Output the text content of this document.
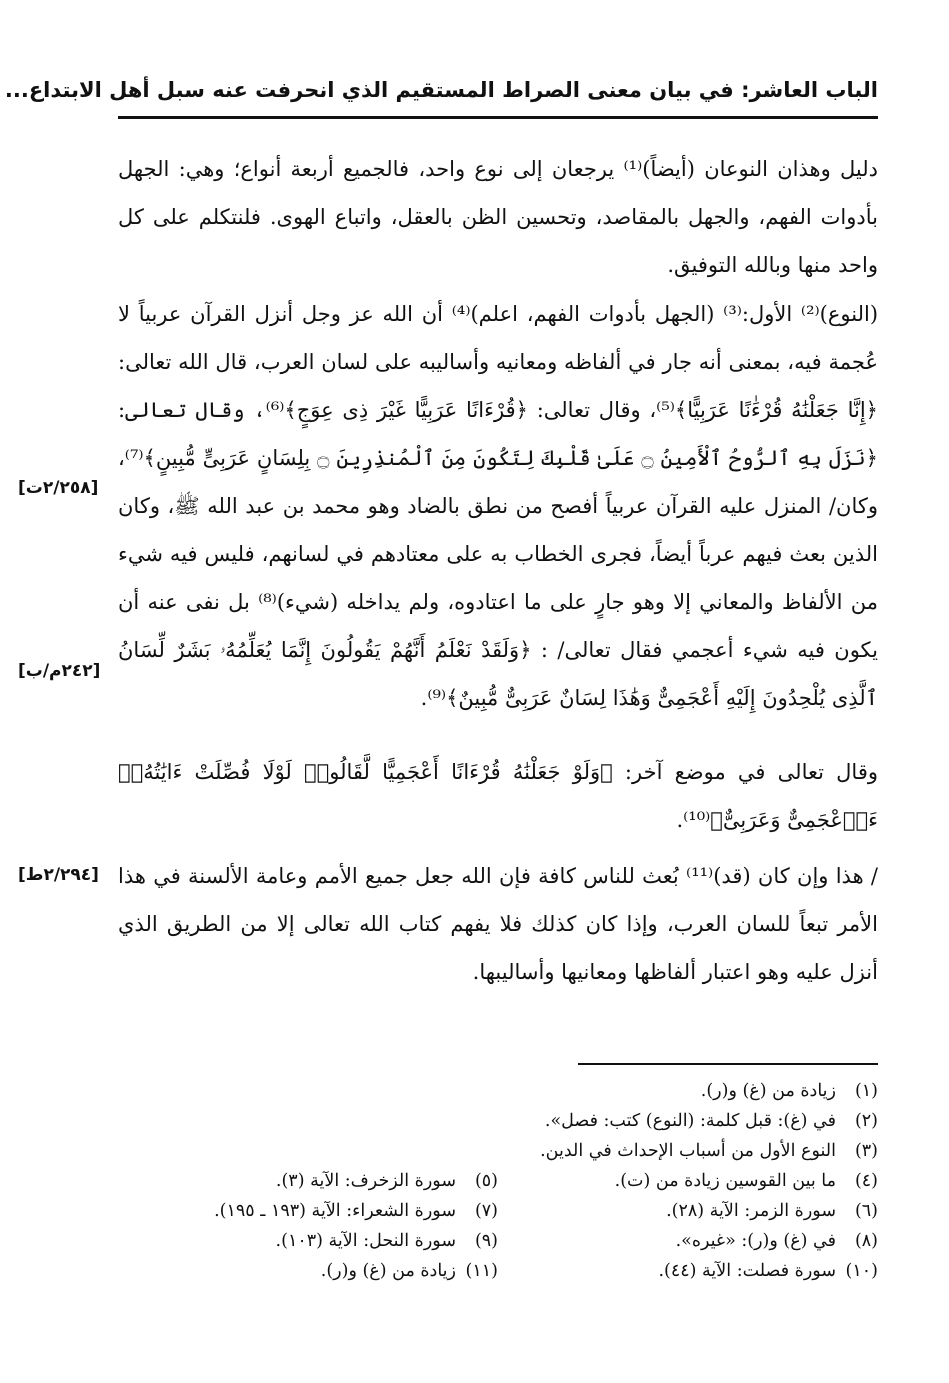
الباب العاشر: في بيان معنى الصراط المستقيم الذي انحرفت عنه سبل أهل الابتداع...

دليل وهذان النوعان (أيضاً)⁽¹⁾ يرجعان إلى نوع واحد، فالجميع أربعة أنواع؛ وهي: الجهل بأدوات الفهم، والجهل بالمقاصد، وتحسين الظن بالعقل، واتباع الهوى. فلنتكلم على كل واحد منها وبالله التوفيق.

(النوع)⁽²⁾ الأول:⁽³⁾ (الجهل بأدوات الفهم، اعلم)⁽⁴⁾ أن الله عز وجل أنزل القرآن عربياً لا عُجمة فيه، بمعنى أنه جار في ألفاظه ومعانيه وأساليبه على لسان العرب، قال الله تعالى: ﴿إِنَّا جَعَلْنَٰهُ قُرْءَٰنًا عَرَبِيًّا﴾⁽⁵⁾، وقال تعالى: ﴿قُرْءَانًا عَرَبِيًّا غَيْرَ ذِى عِوَجٍ﴾⁽⁶⁾، وقال تعالى: ﴿نَزَلَ بِهِ ٱلرُّوحُ ٱلْأَمِينُ ۝ عَلَىٰ قَلْبِكَ لِتَكُونَ مِنَ ٱلْمُنذِرِينَ ۝ بِلِسَانٍ عَرَبِىٍّ مُّبِينٍ﴾⁽⁷⁾، وكان/ المنزل عليه القرآن عربياً أفصح من نطق بالضاد وهو محمد بن عبد الله ﷺ، وكان الذين بعث فيهم عرباً أيضاً، فجرى الخطاب به على معتادهم في لسانهم، فليس فيه شيء من الألفاظ والمعاني إلا وهو جارٍ على ما اعتادوه، ولم يداخله (شيء)⁽⁸⁾ بل نفى عنه أن يكون فيه شيء أعجمي فقال تعالى/ : ﴿وَلَقَدْ نَعْلَمُ أَنَّهُمْ يَقُولُونَ إِنَّمَا يُعَلِّمُهُۥ بَشَرٌ لِّسَانُ ٱلَّذِى يُلْحِدُونَ إِلَيْهِ أَعْجَمِىٌّ وَهَٰذَا لِسَانٌ عَرَبِىٌّ مُّبِينٌ﴾⁽⁹⁾.

وقال تعالى في موضع آخر: ﴿وَلَوْ جَعَلْنَٰهُ قُرْءَانًا أَعْجَمِيًّا لَّقَالُوا۟ لَوْلَا فُصِّلَتْ ءَايَٰتُهُۥٓ ءَا۬عْجَمِىٌّ وَعَرَبِىٌّ﴾⁽¹⁰⁾.

/ هذا وإن كان (قد)⁽¹¹⁾ بُعث للناس كافة فإن الله جعل جميع الأمم وعامة الألسنة في هذا الأمر تبعاً للسان العرب، وإذا كان كذلك فلا يفهم كتاب الله تعالى إلا من الطريق الذي أنزل عليه وهو اعتبار ألفاظها ومعانيها وأساليبها.

[٢/٢٥٨ت]
[٢٤٢م/ب]
[٢/٢٩٤ط]
(١)زيادة من (غ) و(ر).
(٢)في (غ): قبل كلمة: (النوع) كتب: فصل».
(٣)النوع الأول من أسباب الإحداث في الدين.
(٤)ما بين القوسين زيادة من (ت).
(٥)سورة الزخرف: الآية (٣).
(٦)سورة الزمر: الآية (٢٨).
(٧)سورة الشعراء: الآية (١٩٣ ـ ١٩٥).
(٨)في (غ) و(ر): «غيره».
(٩)سورة النحل: الآية (١٠٣).
(١٠)سورة فصلت: الآية (٤٤).
(١١)زيادة من (غ) و(ر).
